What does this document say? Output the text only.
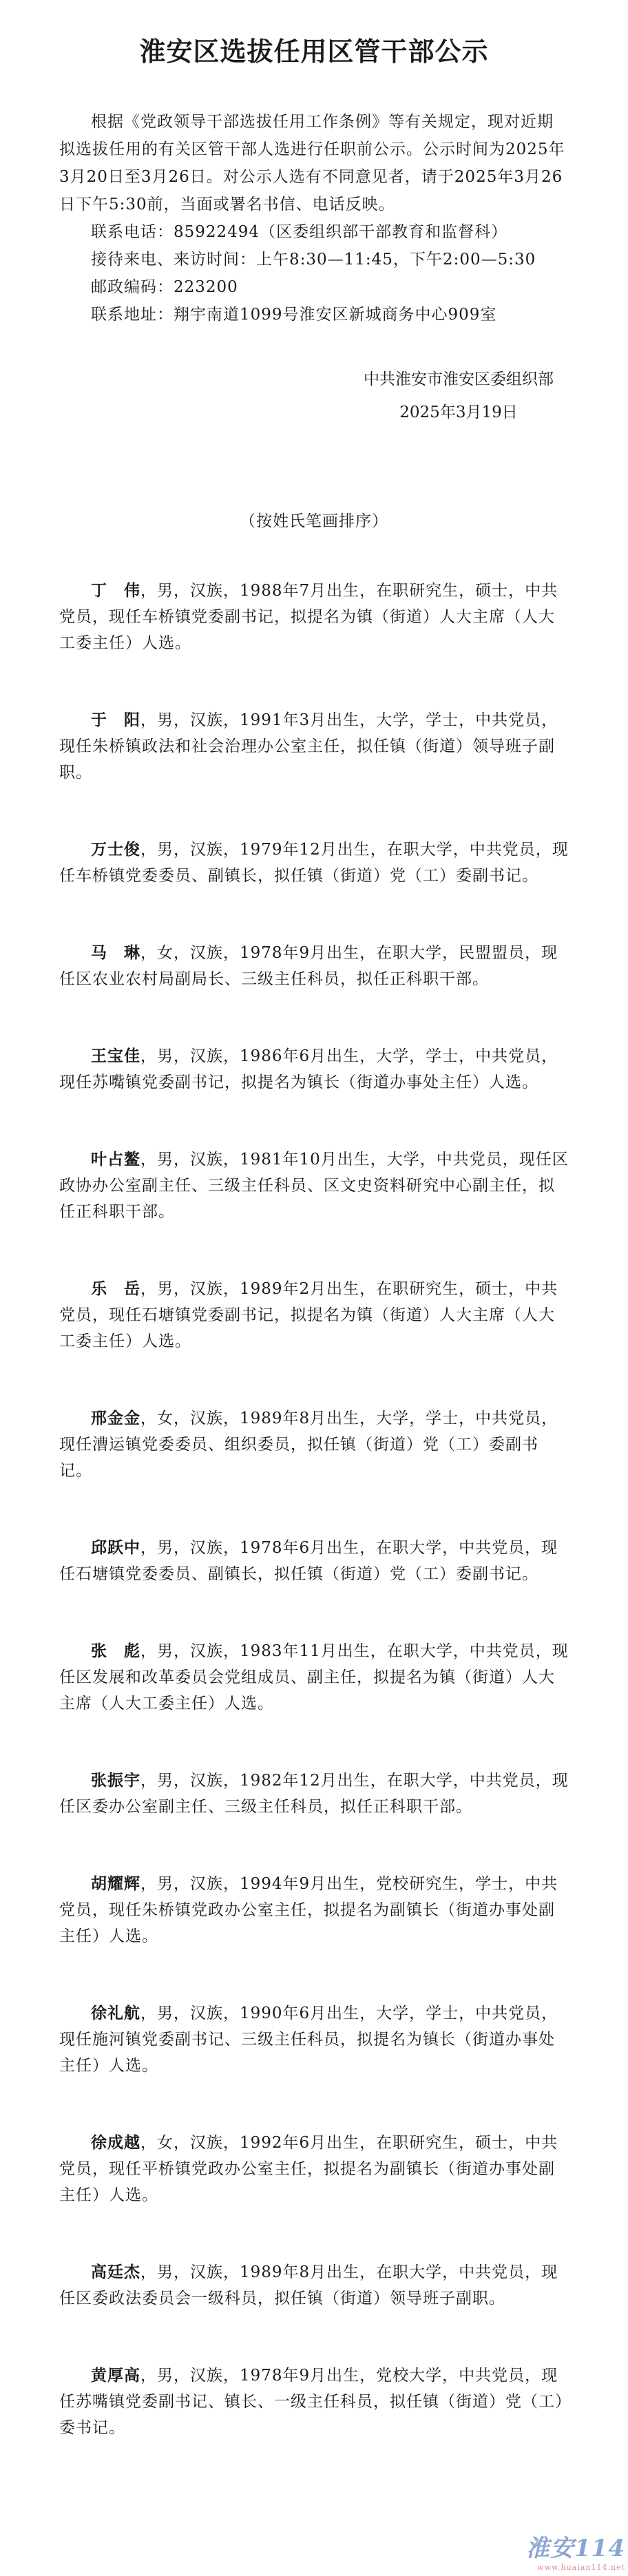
淮安区选拔任用区管干部公示

根据《党政领导干部选拔任用工作条例》等有关规定，现对近期拟选拔任用的有关区管干部人选进行任职前公示。公示时间为2025年3月20日至3月26日。对公示人选有不同意见者，请于2025年3月26日下午5:30前，当面或署名书信、电话反映。

联系电话：85922494（区委组织部干部教育和监督科）

接待来电、来访时间：上午8:30—11:45，下午2:00—5:30

邮政编码：223200

联系地址：翔宇南道1099号淮安区新城商务中心909室

中共淮安市淮安区委组织部
2025年3月19日
（按姓氏笔画排序）

丁　伟，男，汉族，1988年7月出生，在职研究生，硕士，中共党员，现任车桥镇党委副书记，拟提名为镇（街道）人大主席（人大工委主任）人选。

于　阳，男，汉族，1991年3月出生，大学，学士，中共党员，现任朱桥镇政法和社会治理办公室主任，拟任镇（街道）领导班子副职。

万士俊，男，汉族，1979年12月出生，在职大学，中共党员，现任车桥镇党委委员、副镇长，拟任镇（街道）党（工）委副书记。

马　琳，女，汉族，1978年9月出生，在职大学，民盟盟员，现任区农业农村局副局长、三级主任科员，拟任正科职干部。

王宝佳，男，汉族，1986年6月出生，大学，学士，中共党员，现任苏嘴镇党委副书记，拟提名为镇长（街道办事处主任）人选。

叶占鳌，男，汉族，1981年10月出生，大学，中共党员，现任区政协办公室副主任、三级主任科员、区文史资料研究中心副主任，拟任正科职干部。

乐　岳，男，汉族，1989年2月出生，在职研究生，硕士，中共党员，现任石塘镇党委副书记，拟提名为镇（街道）人大主席（人大工委主任）人选。

邢金金，女，汉族，1989年8月出生，大学，学士，中共党员，现任漕运镇党委委员、组织委员，拟任镇（街道）党（工）委副书记。

邱跃中，男，汉族，1978年6月出生，在职大学，中共党员，现任石塘镇党委委员、副镇长，拟任镇（街道）党（工）委副书记。

张　彪，男，汉族，1983年11月出生，在职大学，中共党员，现任区发展和改革委员会党组成员、副主任，拟提名为镇（街道）人大主席（人大工委主任）人选。

张振宇，男，汉族，1982年12月出生，在职大学，中共党员，现任区委办公室副主任、三级主任科员，拟任正科职干部。

胡耀辉，男，汉族，1994年9月出生，党校研究生，学士，中共党员，现任朱桥镇党政办公室主任，拟提名为副镇长（街道办事处副主任）人选。

徐礼航，男，汉族，1990年6月出生，大学，学士，中共党员，现任施河镇党委副书记、三级主任科员，拟提名为镇长（街道办事处主任）人选。

徐成越，女，汉族，1992年6月出生，在职研究生，硕士，中共党员，现任平桥镇党政办公室主任，拟提名为副镇长（街道办事处副主任）人选。

高廷杰，男，汉族，1989年8月出生，在职大学，中共党员，现任区委政法委员会一级科员，拟任镇（街道）领导班子副职。

黄厚高，男，汉族，1978年9月出生，党校大学，中共党员，现任苏嘴镇党委副书记、镇长、一级主任科员，拟任镇（街道）党（工）委书记。

淮安114
www.huaian114.net
